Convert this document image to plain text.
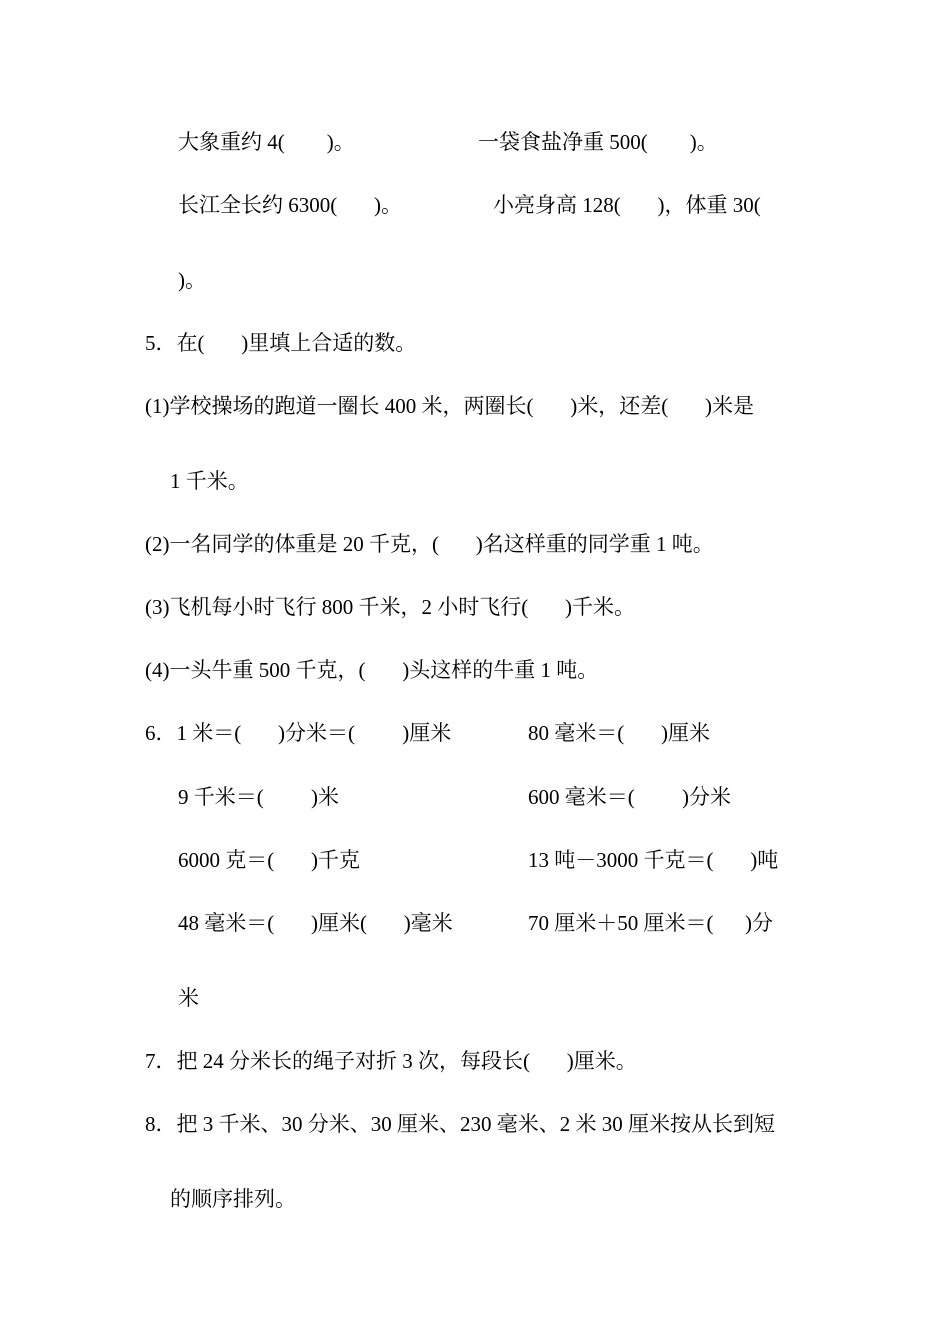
大象重约 4(        )。	一袋食盐净重 500(        )。
长江全长约 6300(       )。	小亮身高 128(       )，体重 30(
)。
5．在(       )里填上合适的数。
(1)学校操场的跑道一圈长 400 米，两圈长(       )米，还差(       )米是
1 千米。
(2)一名同学的体重是 20 千克，(       )名这样重的同学重 1 吨。
(3)飞机每小时飞行 800 千米，2 小时飞行(       )千米。
(4)一头牛重 500 千克，(       )头这样的牛重 1 吨。
6．1 米＝(       )分米＝(         )厘米	80 毫米＝(       )厘米
9 千米＝(         )米	600 毫米＝(         )分米
6000 克＝(       )千克	13 吨－3000 千克＝(       )吨
48 毫米＝(       )厘米(       )毫米	70 厘米＋50 厘米＝(      )分
米
7．把 24 分米长的绳子对折 3 次，每段长(       )厘米。
8．把 3 千米、30 分米、30 厘米、230 毫米、2 米 30 厘米按从长到短
的顺序排列。
